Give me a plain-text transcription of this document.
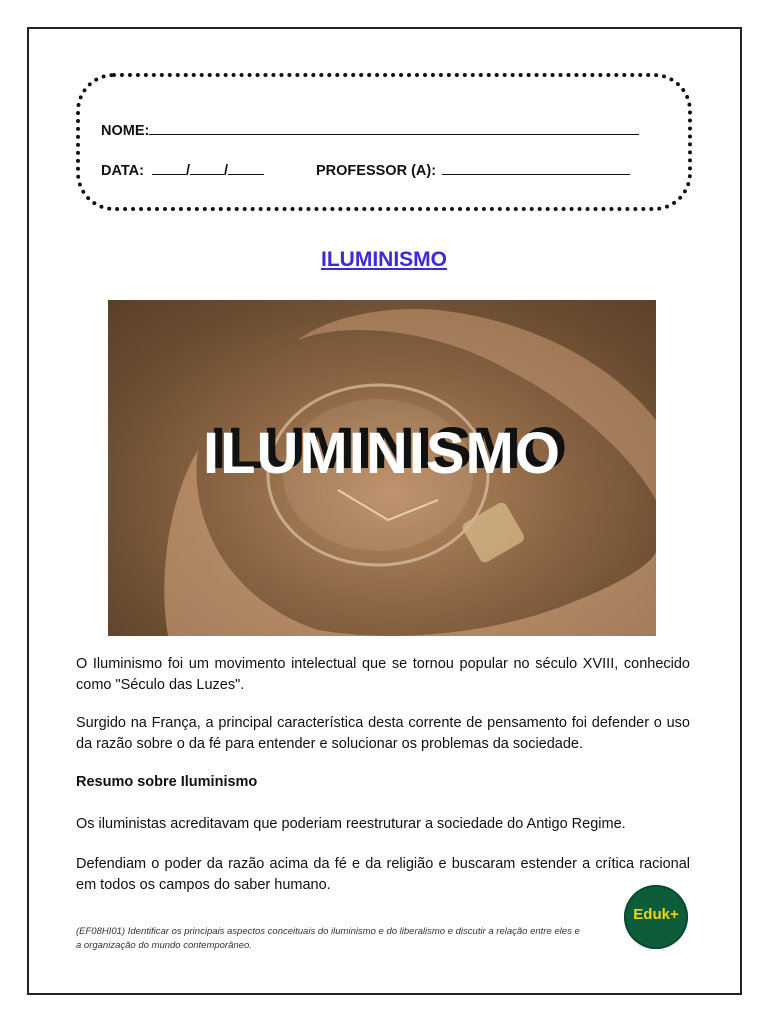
NOME:
DATA:	/ /	PROFESSOR (A):
ILUMINISMO
ILUMINISMO
O Iluminismo foi um movimento intelectual que se tornou popular no século XVIII, conhecido como "Século das Luzes".
Surgido na França, a principal característica desta corrente de pensamento foi defender o uso da razão sobre o da fé para entender e solucionar os problemas da sociedade.
Resumo sobre Iluminismo
Os iluministas acreditavam que poderiam reestruturar a sociedade do Antigo Regime.
Defendiam o poder da razão acima da fé e da religião e buscaram estender a crítica racional em todos os campos do saber humano.
(EF08HI01) Identificar os principais aspectos conceituais do iluminismo e do liberalismo e discutir a relação entre eles e a organização do mundo contemporâneo.
Eduk+
